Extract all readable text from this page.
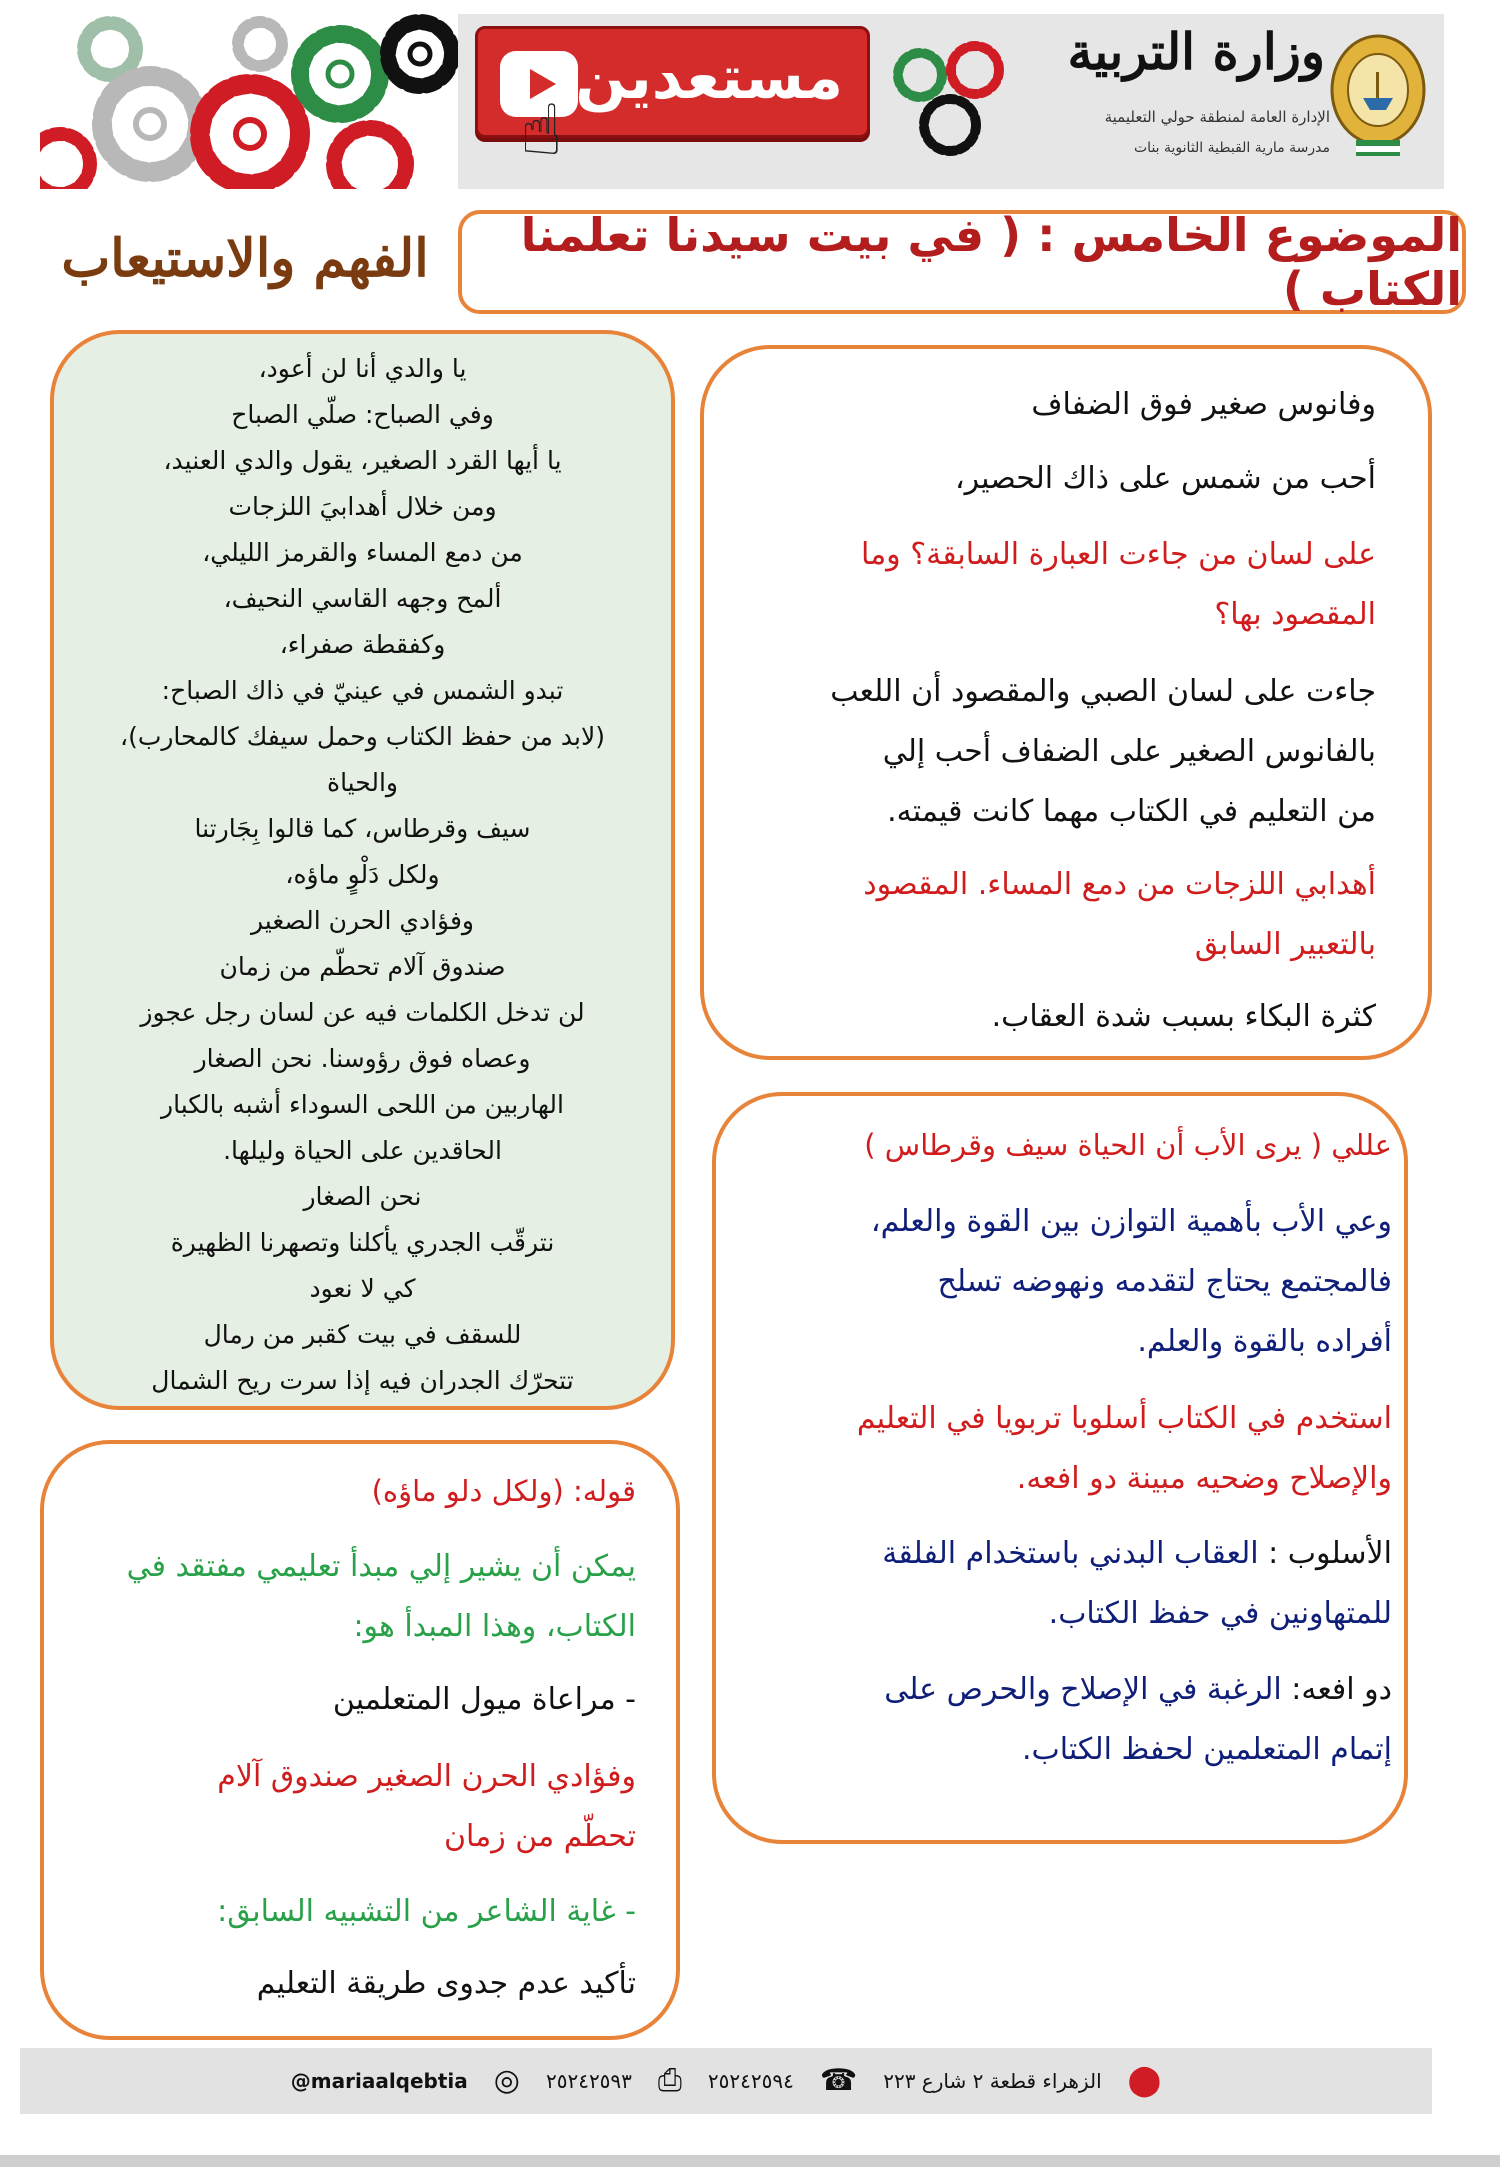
مستعدين
☝
وزارة التربية
الإدارة العامة لمنطقة حولي التعليمية
مدرسة مارية القبطية الثانوية بنات
الموضوع الخامس : ( في بيت سيدنا تعلمنا الكتاب )
الفهم والاستيعاب
يا والدي أنا لن أعود،
وفي الصباح: صلّي الصباح
يا أيها القرد الصغير، يقول والدي العنيد،
ومن خلال أهدابيَ اللزجات
من دمع المساء والقرمز الليلي،
ألمح وجهه القاسي النحيف،
وكفقطة صفراء،
تبدو الشمس في عينيّ في ذاك الصباح:
(لابد من حفظ الكتاب وحمل سيفك كالمحارب)،
والحياة
سيف وقرطاس، كما قالوا بِجَارتنا
ولكل دَلْوٍ ماؤه،
وفؤادي الحرن الصغير
صندوق آلام تحطّم من زمان
لن تدخل الكلمات فيه عن لسان رجل عجوز
وعصاه فوق رؤوسنا. نحن الصغار
الهاربين من اللحى السوداء أشبه بالكبار
الحاقدين على الحياة وليلها.
نحن الصغار
نترقّب الجدري يأكلنا وتصهرنا الظهيرة
كي لا نعود
للسقف في بيت كقبر من رمال
تتحرّك الجدران فيه إذا سرت ريح الشمال
وفانوس صغير فوق الضفاف
أحب من شمس على ذاك الحصير،
على لسان من جاءت العبارة السابقة؟ وما
المقصود بها؟
جاءت على لسان الصبي والمقصود أن اللعب
بالفانوس الصغير على الضفاف أحب إلي
من التعليم في الكتاب مهما كانت قيمته.
أهدابي اللزجات من دمع المساء. المقصود
بالتعبير السابق
كثرة البكاء بسبب شدة العقاب.
عللي ( يرى الأب أن الحياة سيف وقرطاس )
وعي الأب بأهمية التوازن بين القوة والعلم،
فالمجتمع يحتاج لتقدمه ونهوضه تسلح
أفراده بالقوة والعلم.
استخدم في الكتاب أسلوبا تربويا في التعليم
والإصلاح وضحيه مبينة دو افعه.
الأسلوب : العقاب البدني باستخدام الفلقة
للمتهاونين في حفظ الكتاب.
دو افعه: الرغبة في الإصلاح والحرص على
إتمام المتعلمين لحفظ الكتاب.
قوله: (ولكل دلو ماؤه)
يمكن أن يشير إلي مبدأ تعليمي مفتقد في
الكتاب، وهذا المبدأ هو:
- مراعاة ميول المتعلمين
وفؤادي الحرن الصغير صندوق آلام
تحطّم من زمان
- غاية الشاعر من التشبيه السابق:
تأكيد عدم جدوى طريقة التعليم
⬤
الزهراء قطعة ٢ شارع ٢٢٣
☎
٢٥٢٤٢٥٩٤
⎙
٢٥٢٤٢٥٩٣
◎
@mariaalqebtia
